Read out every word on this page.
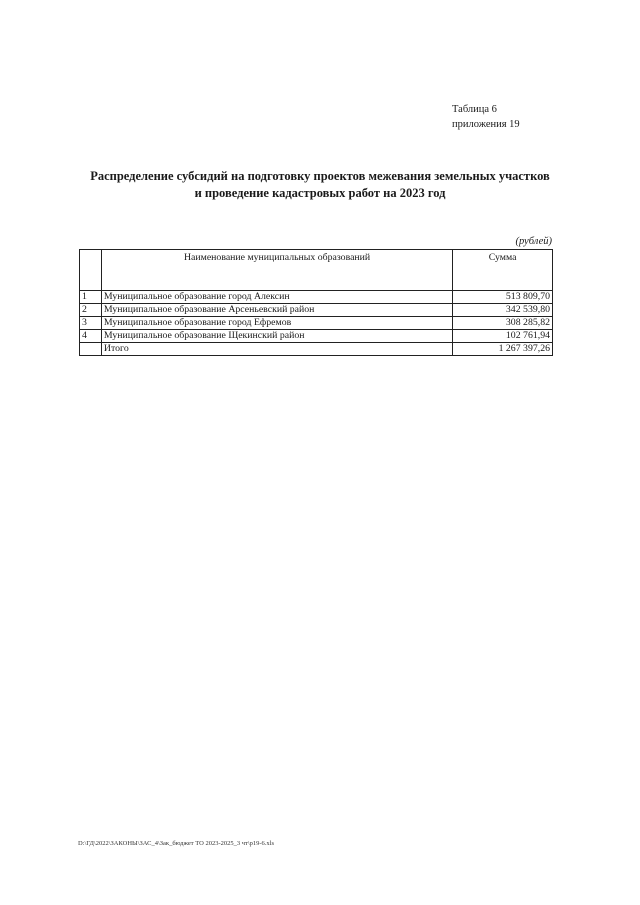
Таблица 6
приложения 19
Распределение субсидий на подготовку проектов межевания земельных участков
и проведение кадастровых работ на 2023 год
(рублей)
	Наименование муниципальных образований	Сумма
1	Муниципальное образование город Алексин	513 809,70
2	Муниципальное образование Арсеньевский район	342 539,80
3	Муниципальное образование город Ефремов	308 285,82
4	Муниципальное образование Щекинский район	102 761,94
	Итого	1 267 397,26
D:\ГД\2022\ЗАКОНЫ\ЗАС_4\Зак_бюджет ТО 2023-2025_3 чт\р19-6.xls
